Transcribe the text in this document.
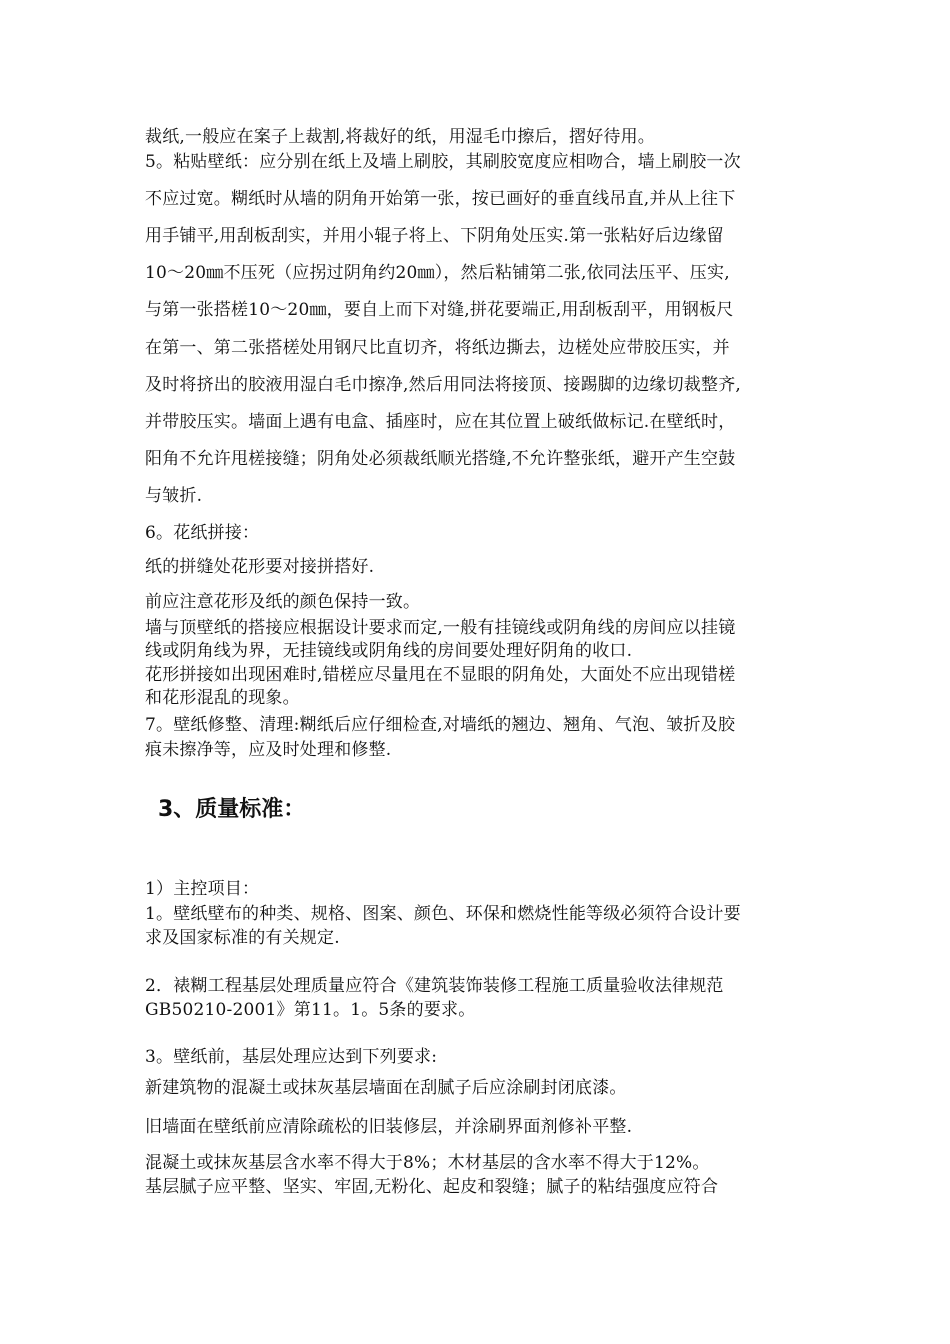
裁纸,一般应在案子上裁割,将裁好的纸，用湿毛巾擦后，摺好待用。
5。粘贴壁纸：应分别在纸上及墙上刷胶，其刷胶宽度应相吻合，墙上刷胶一次
不应过宽。糊纸时从墙的阴角开始第一张，按已画好的垂直线吊直,并从上往下
用手铺平,用刮板刮实，并用小辊子将上、下阴角处压实.第一张粘好后边缘留
10～20㎜不压死（应拐过阴角约20㎜），然后粘铺第二张,依同法压平、压实,
与第一张搭槎10～20㎜，要自上而下对缝,拼花要端正,用刮板刮平，用钢板尺
在第一、第二张搭槎处用钢尺比直切齐，将纸边撕去，边槎处应带胶压实，并
及时将挤出的胶液用湿白毛巾擦净,然后用同法将接顶、接踢脚的边缘切裁整齐,
并带胶压实。墙面上遇有电盒、插座时，应在其位置上破纸做标记.在壁纸时，
阳角不允许甩槎接缝；阴角处必须裁纸顺光搭缝,不允许整张纸，避开产生空鼓
与皱折.
6。花纸拼接：
纸的拼缝处花形要对接拼搭好.
前应注意花形及纸的颜色保持一致。
墙与顶壁纸的搭接应根据设计要求而定,一般有挂镜线或阴角线的房间应以挂镜
线或阴角线为界，无挂镜线或阴角线的房间要处理好阴角的收口.
花形拼接如出现困难时,错槎应尽量甩在不显眼的阴角处，大面处不应出现错槎
和花形混乱的现象。
7。壁纸修整、清理:糊纸后应仔细检查,对墙纸的翘边、翘角、气泡、皱折及胶
痕未擦净等，应及时处理和修整.
3、质量标准：
1）主控项目：
1。壁纸壁布的种类、规格、图案、颜色、环保和燃烧性能等级必须符合设计要
求及国家标准的有关规定.
2．裱糊工程基层处理质量应符合《建筑装饰装修工程施工质量验收法律规范
GB50210-2001》第11。1。5条的要求。
3。壁纸前，基层处理应达到下列要求:
新建筑物的混凝土或抹灰基层墙面在刮腻子后应涂刷封闭底漆。
旧墙面在壁纸前应清除疏松的旧装修层，并涂刷界面剂修补平整.
混凝土或抹灰基层含水率不得大于8%；木材基层的含水率不得大于12%。
基层腻子应平整、坚实、牢固,无粉化、起皮和裂缝；腻子的粘结强度应符合
